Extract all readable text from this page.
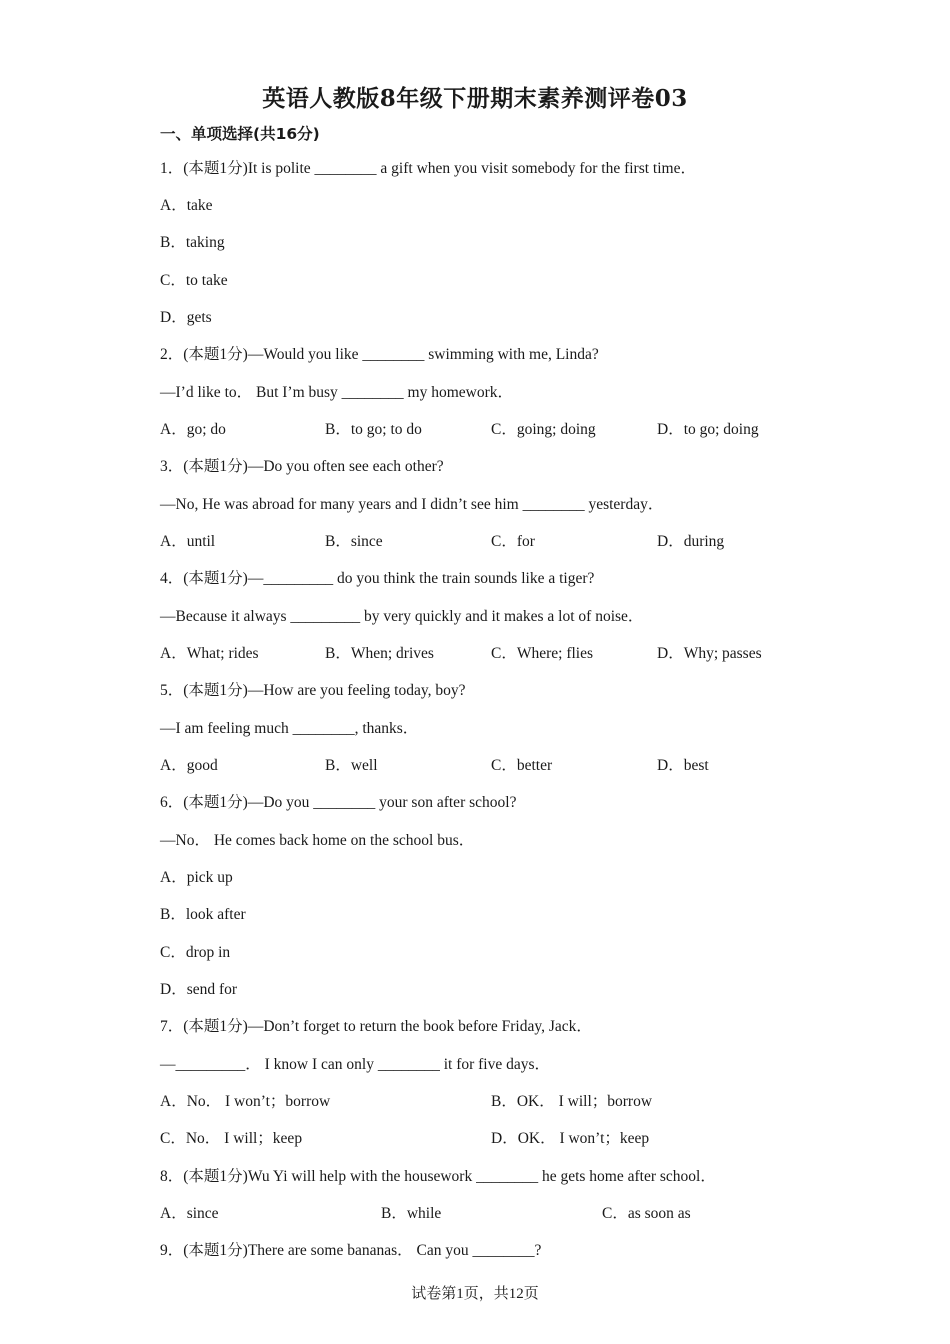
英语人教版8年级下册期末素养测评卷03
一、单项选择(共16分)
1．(本题1分)It is polite ________ a gift when you visit somebody for the first time．
A．take
B．taking
C．to take
D．gets
2．(本题1分)—Would you like ________ swimming with me, Linda?
—I’d like to． But I’m busy ________ my homework．
A．go; do	B．to go; to do	C．going; doing	D．to go; doing
3．(本题1分)—Do you often see each other?
—No, He was abroad for many years and I didn’t see him ________ yesterday．
A．until	B．since	C．for	D．during
4．(本题1分)—_________ do you think the train sounds like a tiger?
—Because it always _________ by very quickly and it makes a lot of noise．
A．What; rides	B．When; drives	C．Where; flies	D．Why; passes
5．(本题1分)—How are you feeling today, boy?
—I am feeling much ________, thanks．
A．good	B．well	C．better	D．best
6．(本题1分)—Do you ________ your son after school?
—No． He comes back home on the school bus．
A．pick up
B．look after
C．drop in
D．send for
7．(本题1分)—Don’t forget to return the book before Friday, Jack．
—_________． I know I can only ________ it for five days．
A．No． I won’t；borrow	B．OK． I will；borrow
C．No． I will；keep	D．OK． I won’t；keep
8．(本题1分)Wu Yi will help with the housework ________ he gets home after school．
A．since	B．while	C．as soon as
9．(本题1分)There are some bananas． Can you ________?
试卷第1页，共12页
